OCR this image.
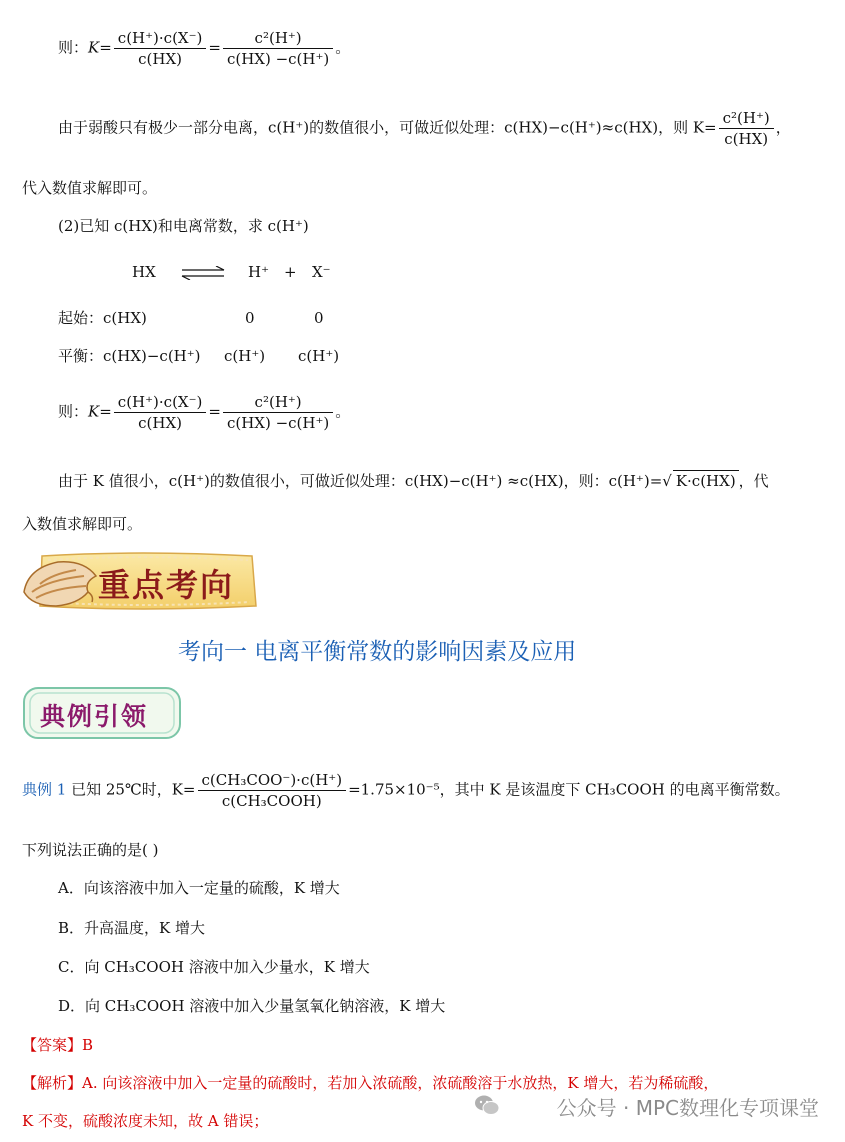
则：$K= \frac{c(H^+)\cdot c(X^-)}{c(HX)} = \frac{\text{c²(H⁺)}}{c(HX) -c(H^+)}$ 。
由于弱酸只有极少一部分电离，c(H⁺)的数值很小，可做近似处理：c(HX)−c(H⁺)≈c(HX)，则 $K= \frac{\text{c²(H⁺)}}{c(HX)}$ ，
代入数值求解即可。
(2)已知 c(HX)和电离常数，求 c(H⁺)
HX ⇌ H⁺ + X⁻
起始：c(HX)	0	0
平衡：c(HX)−c(H⁺) c(H⁺) c(H⁺)
则：$K= \frac{c(H^+)\cdot c(X^-)}{c(HX)} = \frac{\text{c²(H⁺)}}{c(HX) -c(H^+)}$ 。
由于 K 值很小，c(H⁺)的数值很小，可做近似处理：c(HX)−c(H⁺) ≈c(HX)，则：c(H⁺)=√ K·c(HX) ，代
入数值求解即可。
重点考向
考向一 电离平衡常数的影响因素及应用
典例引领
典例 1 已知 25℃时，$K= \frac{\text{c(CH₃COO⁻)·c(H⁺)}}{\text{c(CH₃COOH)}} =1.75\times 10^{-5}$，其中 K 是该温度下 CH₃COOH 的电离平衡常数。
下列说法正确的是( )
A．向该溶液中加入一定量的硫酸，K 增大
B．升高温度，K 增大
C．向 CH₃COOH 溶液中加入少量水，K 增大
D．向 CH₃COOH 溶液中加入少量氢氧化钠溶液，K 增大
【答案】B
【解析】A. 向该溶液中加入一定量的硫酸时，若加入浓硫酸，浓硫酸溶于水放热，K 增大，若为稀硫酸，
K 不变，硫酸浓度未知，故 A 错误；
公众号 · MPC数理化专项课堂
